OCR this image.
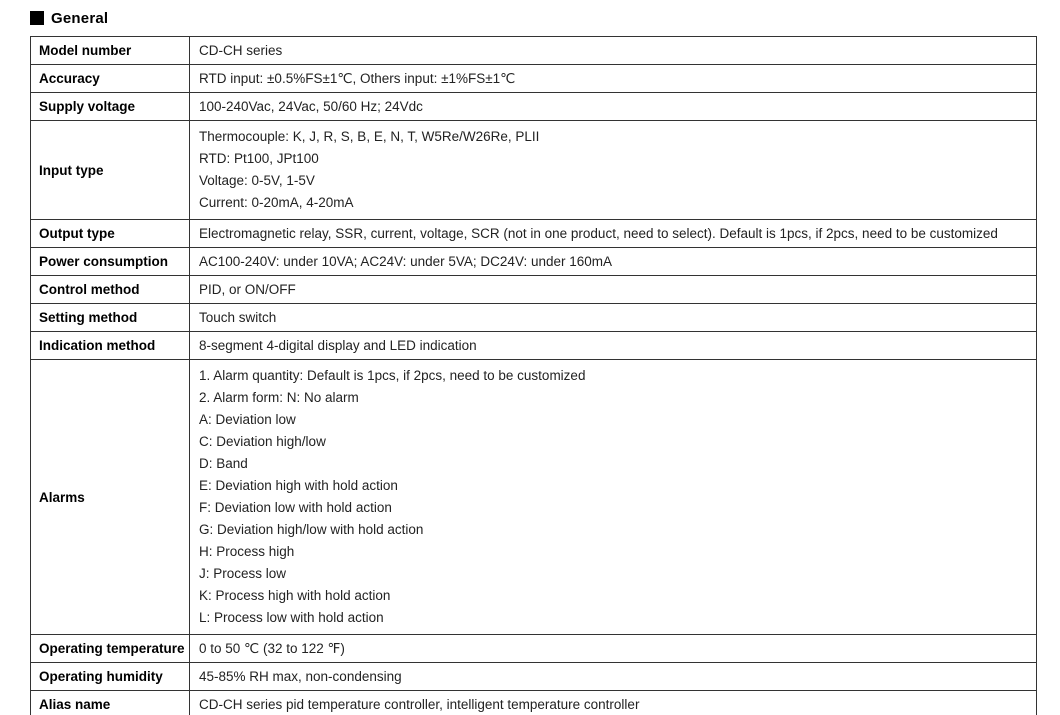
General
Model number	CD-CH series

Accuracy	RTD input: ±0.5%FS±1℃, Others input: ±1%FS±1℃

Supply voltage	100-240Vac, 24Vac, 50/60 Hz; 24Vdc

Input type	Thermocouple: K, J, R, S, B, E, N, T, W5Re/W26Re, PLII
RTD: Pt100, JPt100
Voltage: 0-5V, 1-5V
Current: 0-20mA, 4-20mA

Output type	Electromagnetic relay, SSR, current, voltage, SCR (not in one product, need to select). Default is 1pcs, if 2pcs, need to be customized

Power consumption	AC100-240V: under 10VA; AC24V: under 5VA; DC24V: under 160mA

Control method	PID, or ON/OFF

Setting method	Touch switch

Indication method	8-segment 4-digital display and LED indication

Alarms	
1. Alarm quantity: Default is 1pcs, if 2pcs, need to be customized
2. Alarm form: N: No alarm
A: Deviation low
C: Deviation high/low
D: Band
E: Deviation high with hold action
F: Deviation low with hold action
G: Deviation high/low with hold action
H: Process high
J: Process low
K: Process high with hold action
L: Process low with hold action

Operating temperature	0 to 50 ℃ (32 to 122 ℉)

Operating humidity	45-85% RH max, non-condensing

Alias name	CD-CH series pid temperature controller, intelligent temperature controller
